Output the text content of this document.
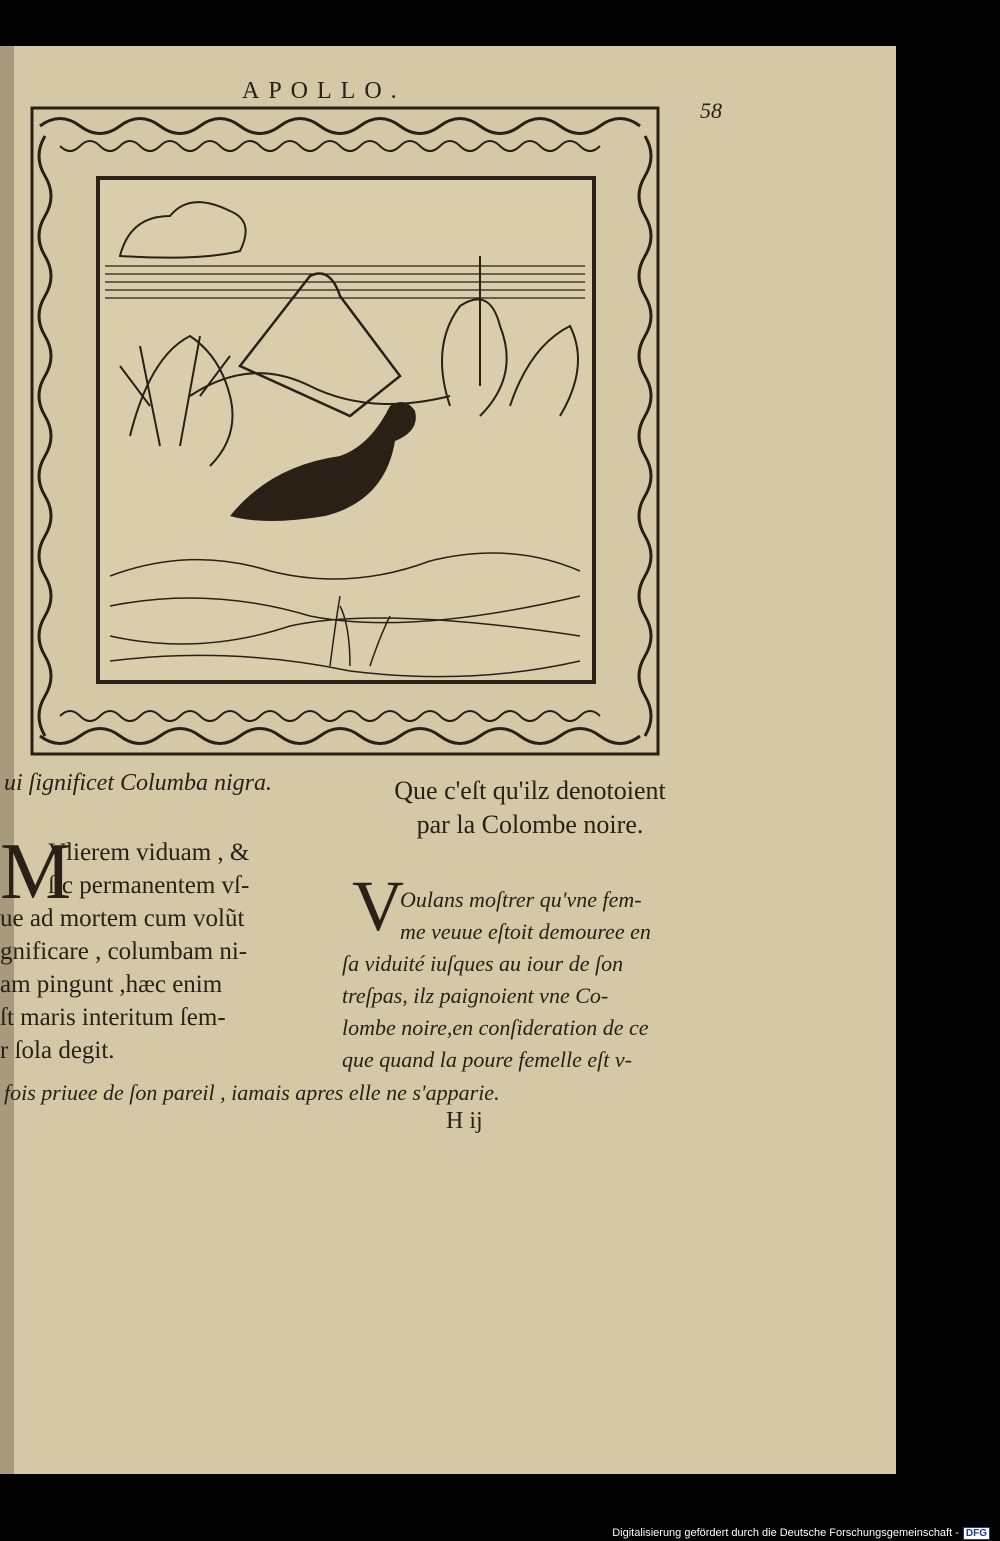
APOLLO.
58
ui ſignificet Columba nigra.	Que c'eſt qu'ilz denotoient
par la Colombe noire.
M
Vlierem viduam , &
ſic permanentem vſ-
ue ad mortem cum volũt
gnificare , columbam ni-
am pingunt ,hæc enim
ſt maris interitum ſem-
r ſola degit.
V
Oulans moſtrer qu'vne fem-
me veuue eſtoit demouree en
ſa viduité iuſques au iour de ſon
treſpas, ilz paignoient vne Co-
lombe noire,en conſideration de ce
que quand la poure femelle eſt v-
fois priuee de ſon pareil , iamais apres elle ne s'apparie.
H ij
Digitalisierung gefördert durch die Deutsche Forschungsgemeinschaft - DFG
